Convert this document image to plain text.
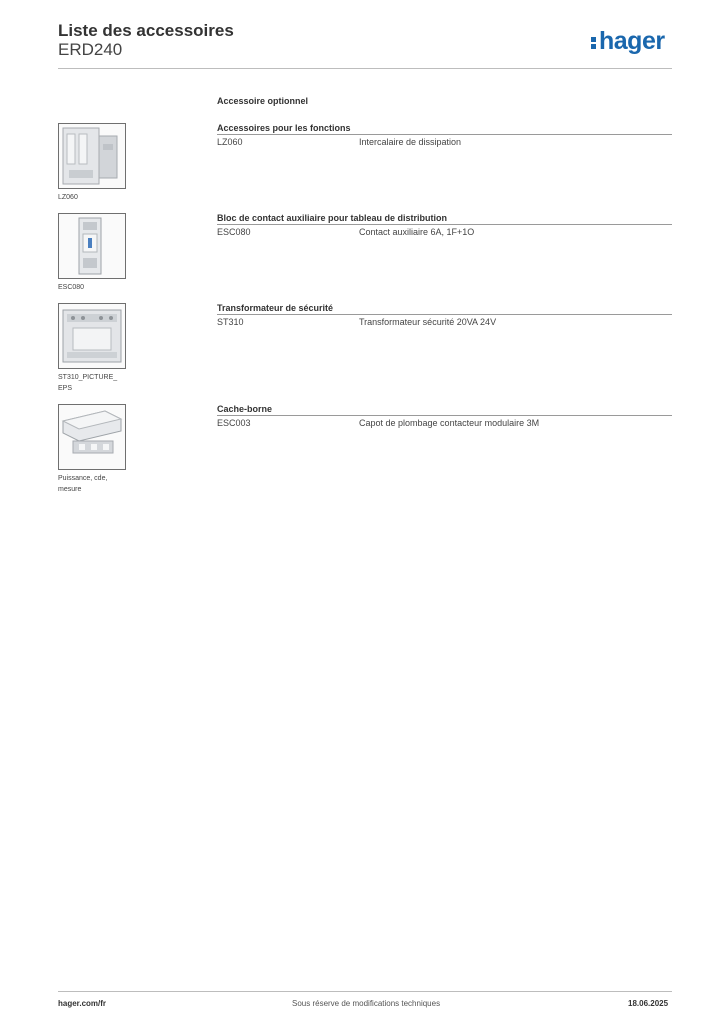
Liste des accessoires
ERD240	hager
Accessoire optionnel
LZ060
Accessoires pour les fonctions
LZ060	Intercalaire de dissipation
ESC080
Bloc de contact auxiliaire pour tableau de distribution
ESC080	Contact auxiliaire 6A, 1F+1O
ST310_PICTURE_ EPS
Transformateur de sécurité
ST310	Transformateur sécurité 20VA 24V
Puissance, cde, mesure
Cache-borne
ESC003	Capot de plombage contacteur modulaire 3M
hager.com/fr	Sous réserve de modifications techniques	18.06.2025
